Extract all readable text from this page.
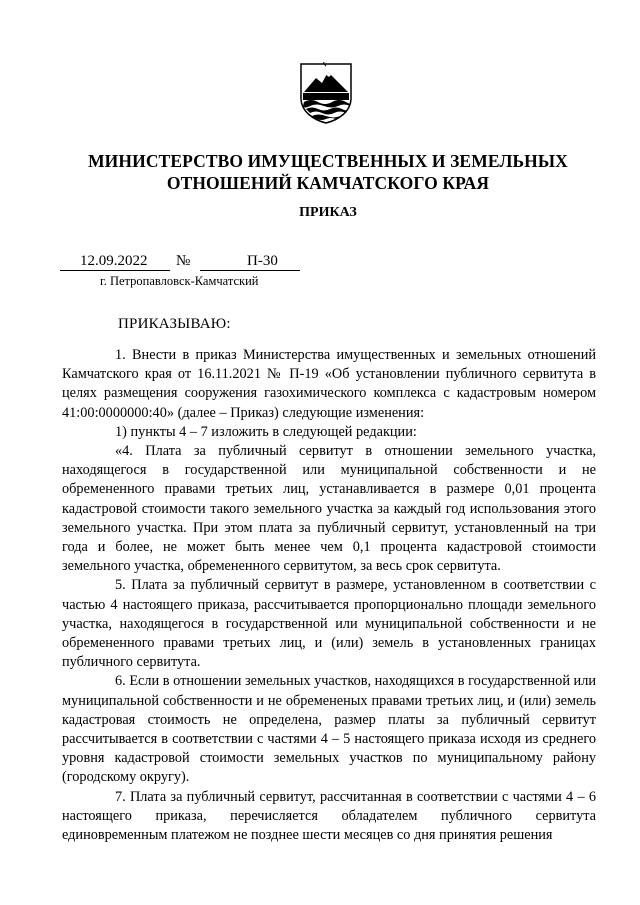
МИНИСТЕРСТВО ИМУЩЕСТВЕННЫХ И ЗЕМЕЛЬНЫХ
ОТНОШЕНИЙ КАМЧАТСКОГО КРАЯ
ПРИКАЗ
12.09.2022 №	П-30
г. Петропавловск-Камчатский
ПРИКАЗЫВАЮ:

1. Внести в приказ Министерства имущественных и земельных отношений Камчатского края от 16.11.2021 № П-19 «Об установлении публичного сервитута в целях размещения сооружения газохимического комплекса с кадастровым номером 41:00:0000000:40» (далее – Приказ) следующие изменения:

1) пункты 4 – 7 изложить в следующей редакции:

«4. Плата за публичный сервитут в отношении земельного участка, находящегося в государственной или муниципальной собственности и не обремененного правами третьих лиц, устанавливается в размере 0,01 процента кадастровой стоимости такого земельного участка за каждый год использования этого земельного участка. При этом плата за публичный сервитут, установленный на три года и более, не может быть менее чем 0,1 процента кадастровой стоимости земельного участка, обремененного сервитутом, за весь срок сервитута.

5. Плата за публичный сервитут в размере, установленном в соответствии с частью 4 настоящего приказа, рассчитывается пропорционально площади земельного участка, находящегося в государственной или муниципальной собственности и не обремененного правами третьих лиц, и (или) земель в установленных границах публичного сервитута.

6. Если в отношении земельных участков, находящихся в государственной или муниципальной собственности и не обремененых правами третьих лиц, и (или) земель кадастровая стоимость не определена, размер платы за публичный сервитут рассчитывается в соответствии с частями 4 – 5 настоящего приказа исходя из среднего уровня кадастровой стоимости земельных участков по муниципальному району (городскому округу).

7. Плата за публичный сервитут, рассчитанная в соответствии с частями 4 – 6 настоящего приказа, перечисляется обладателем публичного сервитута единовременным платежом не позднее шести месяцев со дня принятия решения
